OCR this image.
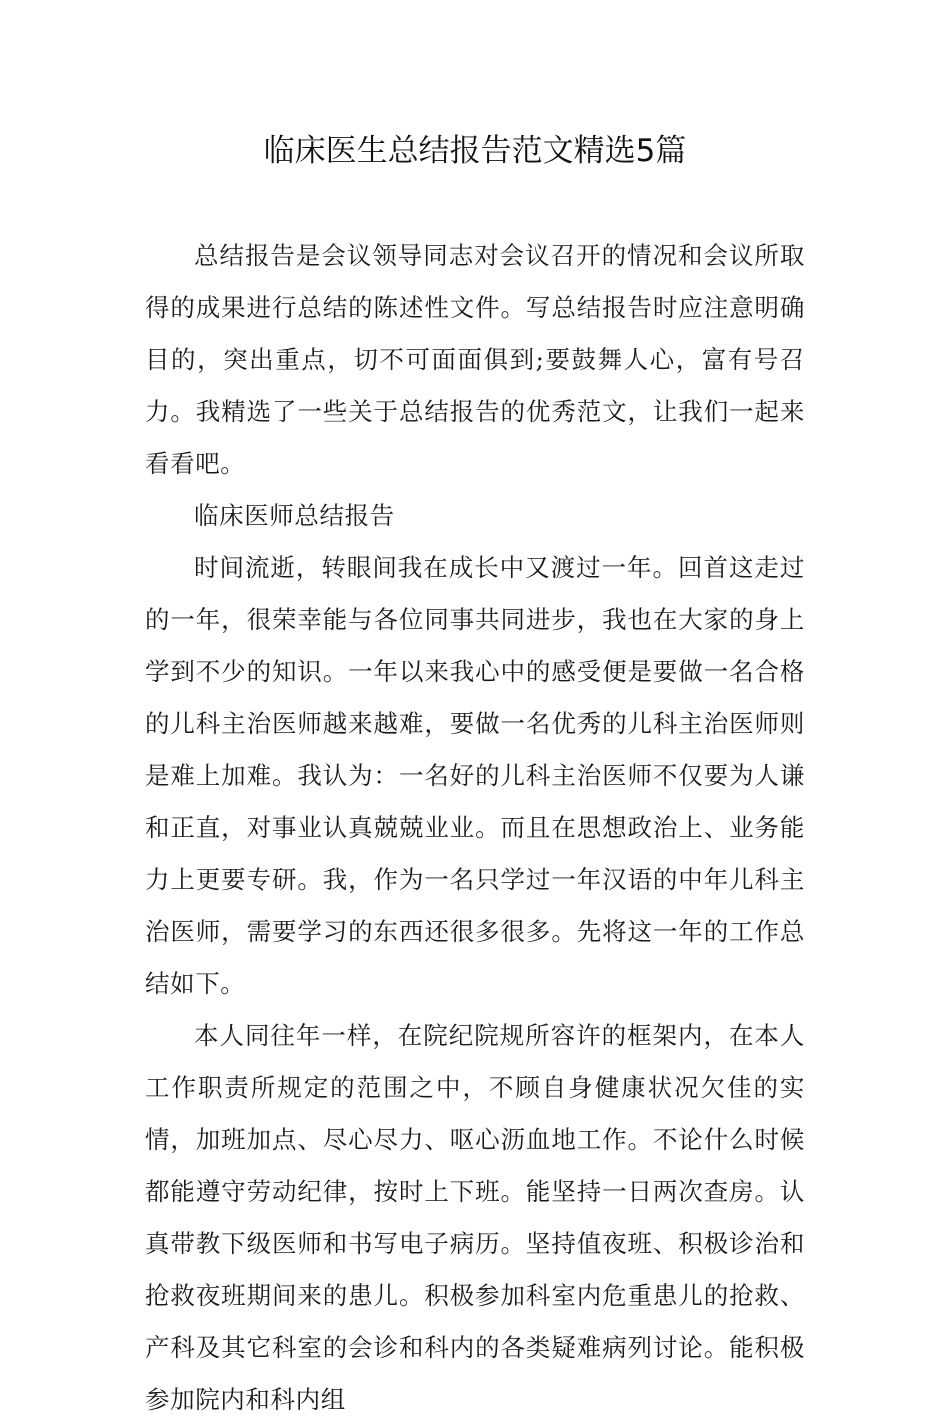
临床医生总结报告范文精选5篇

总结报告是会议领导同志对会议召开的情况和会议所取得的成果进行总结的陈述性文件。写总结报告时应注意明确目的，突出重点，切不可面面俱到;要鼓舞人心，富有号召力。我精选了一些关于总结报告的优秀范文，让我们一起来看看吧。

临床医师总结报告

时间流逝，转眼间我在成长中又渡过一年。回首这走过的一年，很荣幸能与各位同事共同进步，我也在大家的身上学到不少的知识。一年以来我心中的感受便是要做一名合格的儿科主治医师越来越难，要做一名优秀的儿科主治医师则是难上加难。我认为：一名好的儿科主治医师不仅要为人谦和正直，对事业认真兢兢业业。而且在思想政治上、业务能力上更要专研。我，作为一名只学过一年汉语的中年儿科主治医师，需要学习的东西还很多很多。先将这一年的工作总结如下。

本人同往年一样，在院纪院规所容许的框架内，在本人工作职责所规定的范围之中，不顾自身健康状况欠佳的实情，加班加点、尽心尽力、呕心沥血地工作。不论什么时候都能遵守劳动纪律，按时上下班。能坚持一日两次查房。认真带教下级医师和书写电子病历。坚持值夜班、积极诊治和抢救夜班期间来的患儿。积极参加科室内危重患儿的抢救、产科及其它科室的会诊和科内的各类疑难病列讨论。能积极参加院内和科内组
